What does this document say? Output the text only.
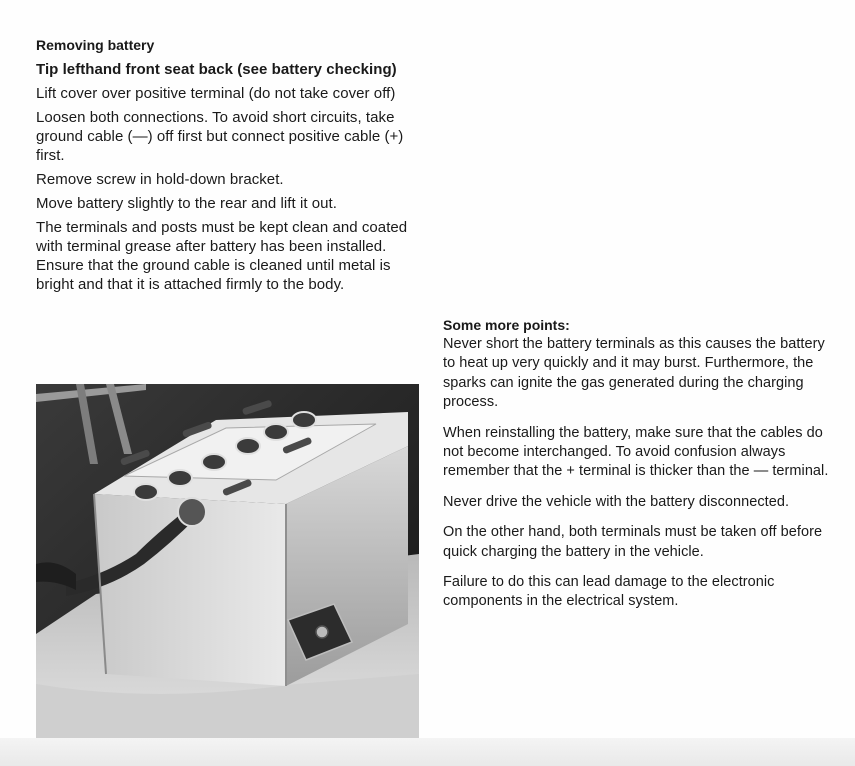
Removing battery

Tip lefthand front seat back (see battery checking)

Lift cover over positive terminal (do not take cover off)

Loosen both connections. To avoid short circuits, take ground cable (—) off first but connect positive cable (+) first.

Remove screw in hold-down bracket.

Move battery slightly to the rear and lift it out.

The terminals and posts must be kept clean and coated with terminal grease after battery has been installed. Ensure that the ground cable is cleaned until metal is bright and that it is attached firmly to the body.

Some more points:

Never short the battery terminals as this causes the battery to heat up very quickly and it may burst. Furthermore, the sparks can ignite the gas generated during the charging process.

When reinstalling the battery, make sure that the cables do not become interchanged. To avoid confusion always remember that the + terminal is thicker than the — terminal.

Never drive the vehicle with the battery disconnected.

On the other hand, both terminals must be taken off before quick charging the battery in the vehicle.

Failure to do this can lead damage to the electronic components in the electrical system.
